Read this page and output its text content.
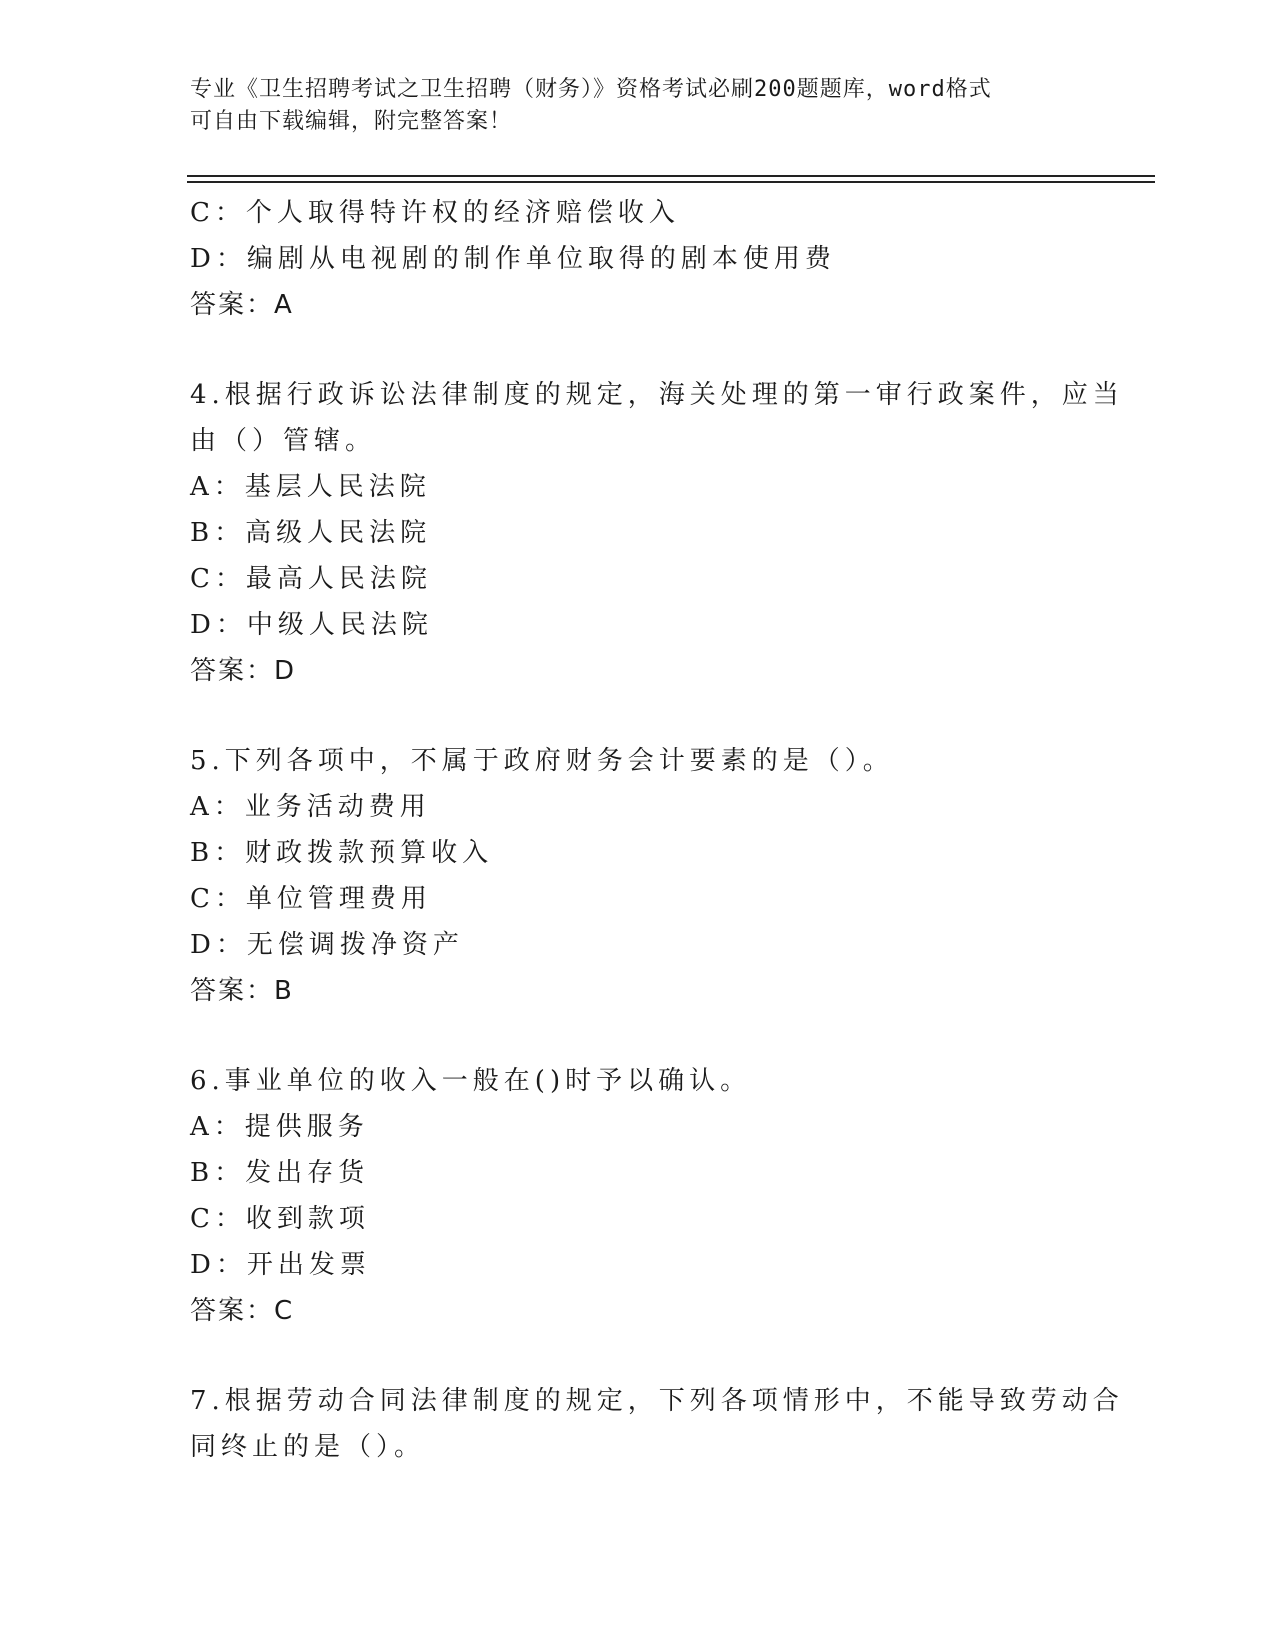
专业《卫生招聘考试之卫生招聘（财务）》资格考试必刷200题题库，word格式
可自由下载编辑，附完整答案！
C：个人取得特许权的经济赔偿收入
D：编剧从电视剧的制作单位取得的剧本使用费
答案：A
4.根据行政诉讼法律制度的规定，海关处理的第一审行政案件，应当
由（）管辖。
A：基层人民法院
B：高级人民法院
C：最高人民法院
D：中级人民法院
答案：D
5.下列各项中，不属于政府财务会计要素的是（）。
A：业务活动费用
B：财政拨款预算收入
C：单位管理费用
D：无偿调拨净资产
答案：B
6.事业单位的收入一般在()时予以确认。
A：提供服务
B：发出存货
C：收到款项
D：开出发票
答案：C
7.根据劳动合同法律制度的规定，下列各项情形中，不能导致劳动合
同终止的是（）。
